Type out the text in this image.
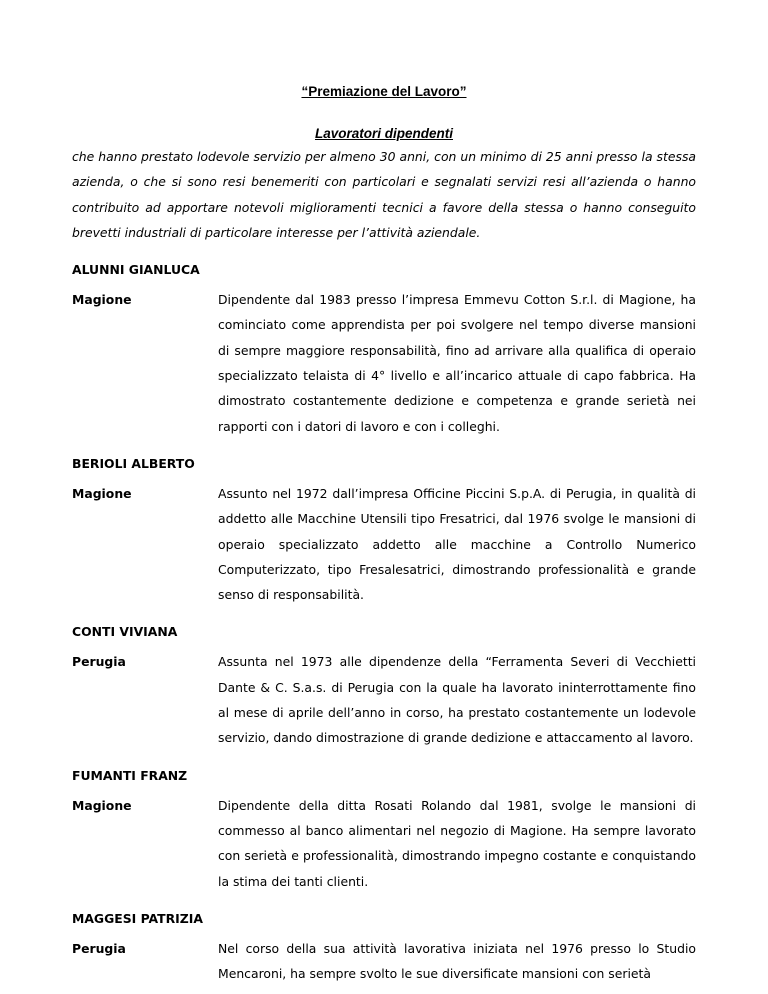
“Premiazione del Lavoro”
Lavoratori dipendenti

che hanno prestato lodevole servizio per almeno 30 anni, con un minimo di 25 anni presso la stessa azienda, o che si sono resi benemeriti con particolari e segnalati servizi resi all’azienda o hanno contribuito ad apportare notevoli miglioramenti tecnici a favore della stessa o hanno conseguito brevetti industriali di particolare interesse per l’attività aziendale.

ALUNNI GIANLUCA
Magione	Dipendente dal 1983 presso l’impresa Emmevu Cotton S.r.l. di Magione, ha cominciato come apprendista per poi svolgere nel tempo diverse mansioni di sempre maggiore responsabilità, fino ad arrivare alla qualifica di operaio specializzato telaista di 4° livello e all’incarico attuale di capo fabbrica. Ha dimostrato costantemente dedizione e competenza e grande serietà nei rapporti con i datori di lavoro e con i colleghi.
BERIOLI ALBERTO
Magione	Assunto nel 1972 dall’impresa Officine Piccini S.p.A. di Perugia, in qualità di addetto alle Macchine Utensili tipo Fresatrici, dal 1976 svolge le mansioni di operaio specializzato addetto alle macchine a Controllo Numerico Computerizzato, tipo Fresalesatrici, dimostrando professionalità e grande senso di responsabilità.
CONTI VIVIANA
Perugia	Assunta nel 1973 alle dipendenze della “Ferramenta Severi di Vecchietti Dante & C. S.a.s. di Perugia con la quale ha lavorato ininterrottamente fino al mese di aprile dell’anno in corso, ha prestato costantemente un lodevole servizio, dando dimostrazione di grande dedizione e attaccamento al lavoro.
FUMANTI FRANZ
Magione	Dipendente della ditta Rosati Rolando dal 1981, svolge le mansioni di commesso al banco alimentari nel negozio di Magione. Ha sempre lavorato con serietà e professionalità, dimostrando impegno costante e conquistando la stima dei tanti clienti.
MAGGESI PATRIZIA
Perugia	Nel corso della sua attività lavorativa iniziata nel 1976 presso lo Studio Mencaroni, ha sempre svolto le sue diversificate mansioni con serietà
